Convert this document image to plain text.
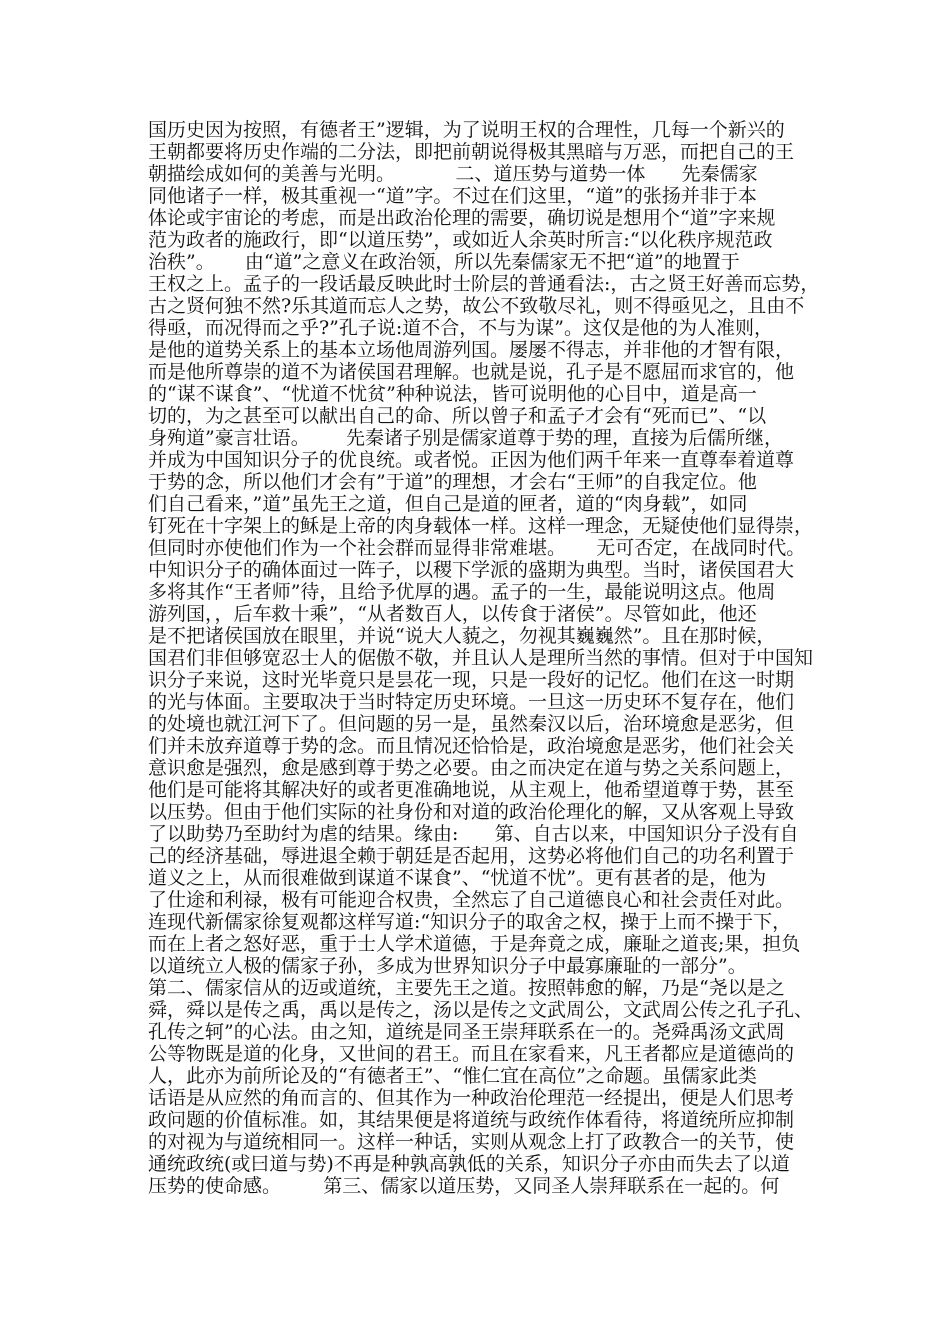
国历史因为按照，有德者王”逻辑，为了说明王权的合理性，几每一个新兴的
王朝都要将历史作端的二分法，即把前朝说得极其黑暗与万恶，而把自己的王
朝描绘成如何的美善与光明。          二、道压势与道势一体      先秦儒家
同他诸子一样，极其重视一“道”字。不过在们这里，“道”的张扬并非于本
体论或宇宙论的考虑，而是出政治伦理的需要，确切说是想用个“道”字来规
范为政者的施政行，即“以道压势”，或如近人余英时所言:“以化秩序规范政
治秩”。     由“道”之意义在政治领，所以先秦儒家无不把“道”的地置于
王权之上。孟子的一段话最反映此时士阶层的普通看法:，古之贤王好善而忘势，
古之贤何独不然?乐其道而忘人之势，故公不致敬尽礼，则不得亟见之，且由不
得亟，而况得而之乎?”孔子说:道不合，不与为谋”。这仅是他的为人准则，
是他的道势关系上的基本立场他周游列国。屡屡不得志，并非他的才智有限，
而是他所尊崇的道不为诸侯国君理解。也就是说，孔子是不愿屈而求官的，他
的“谋不谋食”、“忧道不忧贫”种种说法，皆可说明他的心目中，道是高一
切的，为之甚至可以献出自己的命、所以曾子和孟子才会有“死而已”、“以
身殉道”豪言壮语。      先秦诸子别是儒家道尊于势的理，直接为后儒所继，
并成为中国知识分子的优良统。或者悦。正因为他们两千年来一直尊奉着道尊
于势的念，所以他们才会有”于道”的理想，才会右“王师”的自我定位。他
们自己看来，”道”虽先王之道，但自己是道的匣者，道的“肉身载”，如同
钉死在十字架上的稣是上帝的肉身载体一样。这样一理念，无疑使他们显得崇，
但同时亦使他们作为一个社会群而显得非常难堪。     无可否定，在战同时代。
中知识分子的确体面过一阵子，以稷下学派的盛期为典型。当时，诸侯国君大
多将其作“王者师”待，且给予优厚的遇。孟子的一生，最能说明这点。他周
游列国，，后车救十乘”，“从者数百人，以传食于渚侯”。尽管如此，他还
是不把诸侯国放在眼里，并说“说大人藐之，勿视其巍巍然”。且在那时候，
国君们非但够宽忍士人的倨傲不敬，并且认人是理所当然的事情。但对于中国知
识分子来说，这时光毕竟只是昙花一现，只是一段好的记忆。他们在这一时期
的光与体面。主要取决于当时特定历史环境。一旦这一历史环不复存在，他们
的处境也就江河下了。但问题的另一是，虽然秦汉以后，治环境愈是恶劣，但
们并未放弃道尊于势的念。而且情况还恰恰是，政治境愈是恶劣，他们社会关
意识愈是强烈，愈是感到尊于势之必要。由之而决定在道与势之关系问题上，
他们是可能将其解决好的或者更准确地说，从主观上，他希望道尊于势，甚至
以压势。但由于他们实际的社身份和对道的政治伦理化的解，又从客观上导致
了以助势乃至助纣为虐的结果。缘由:      第、自古以来，中国知识分子没有自
己的经济基础，辱进退全赖于朝廷是否起用，这势必将他们自己的功名利置于
道义之上，从而很难做到谋道不谋食”、“忧道不忧”。更有甚者的是，他为
了仕途和利禄，极有可能迎合权贵，全然忘了自己道德良心和社会责任对此。
连现代新儒家徐复观都这样写道:“知识分子的取舍之权，操于上而不操于下，
而在上者之怒好恶，重于士人学术道德，于是奔竟之成，廉耻之道丧;果，担负
以道统立人极的儒家子孙，多成为世界知识分子中最寡廉耻的一部分”。
第二、儒家信从的迈或道统，主要先王之道。按照韩愈的解，乃是“尧以是之
舜，舜以是传之禹，禹以是传之，汤以是传之文武周公，文武周公传之孔子孔、
孔传之轲”的心法。由之知，道统是同圣王崇拜联系在一的。尧舜禹汤文武周
公等物既是道的化身，又世间的君王。而且在家看来，凡王者都应是道德尚的
人，此亦为前所论及的“有德者王”、“惟仁宜在高位”之命题。虽儒家此类
话语是从应然的角而言的、但其作为一种政治伦理范一经提出，便是人们思考
政问题的价值标准。如，其结果便是将道统与政统作体看待，将道统所应抑制
的对视为与道统相同一。这样一种话，实则从观念上打了政教合一的关节，使
通统政统(或曰道与势)不再是种孰高孰低的关系，知识分子亦由而失去了以道
压势的使命感。       第三、儒家以道压势，又同圣人崇拜联系在一起的。何
